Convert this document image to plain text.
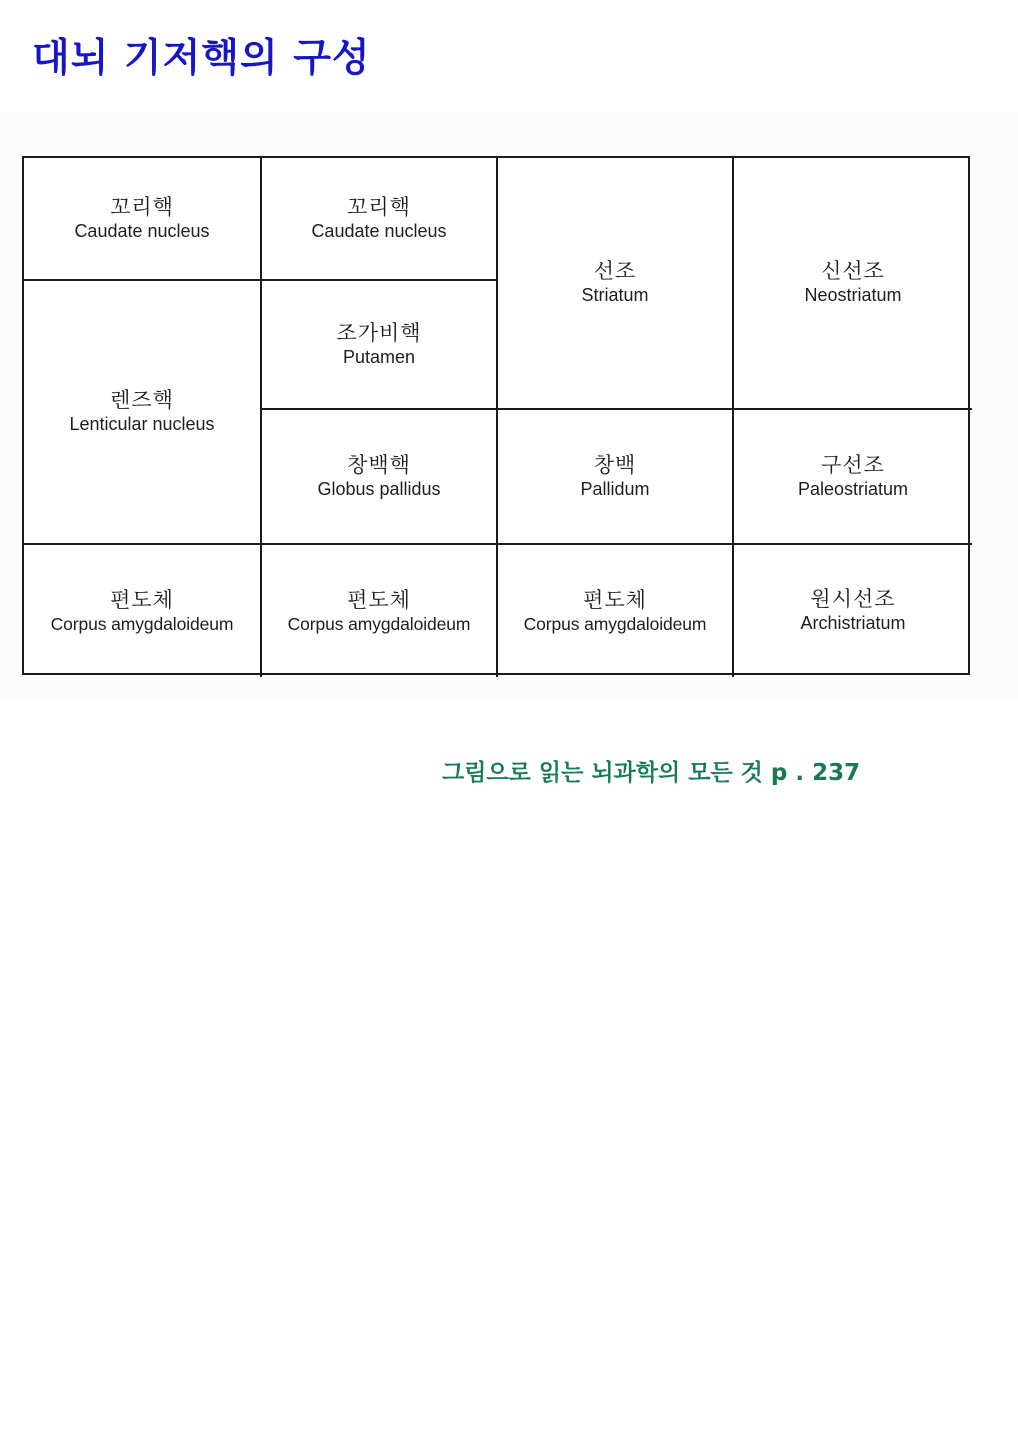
대뇌 기저핵의 구성
꼬리핵
Caudate nucleus
꼬리핵
Caudate nucleus
선조
Striatum
신선조
Neostriatum
렌즈핵
Lenticular nucleus
조가비핵
Putamen
창백핵
Globus pallidus
창백
Pallidum
구선조
Paleostriatum
편도체
Corpus amygdaloideum
편도체
Corpus amygdaloideum
편도체
Corpus amygdaloideum
원시선조
Archistriatum

그림으로 읽는 뇌과학의 모든 것 p . 237
